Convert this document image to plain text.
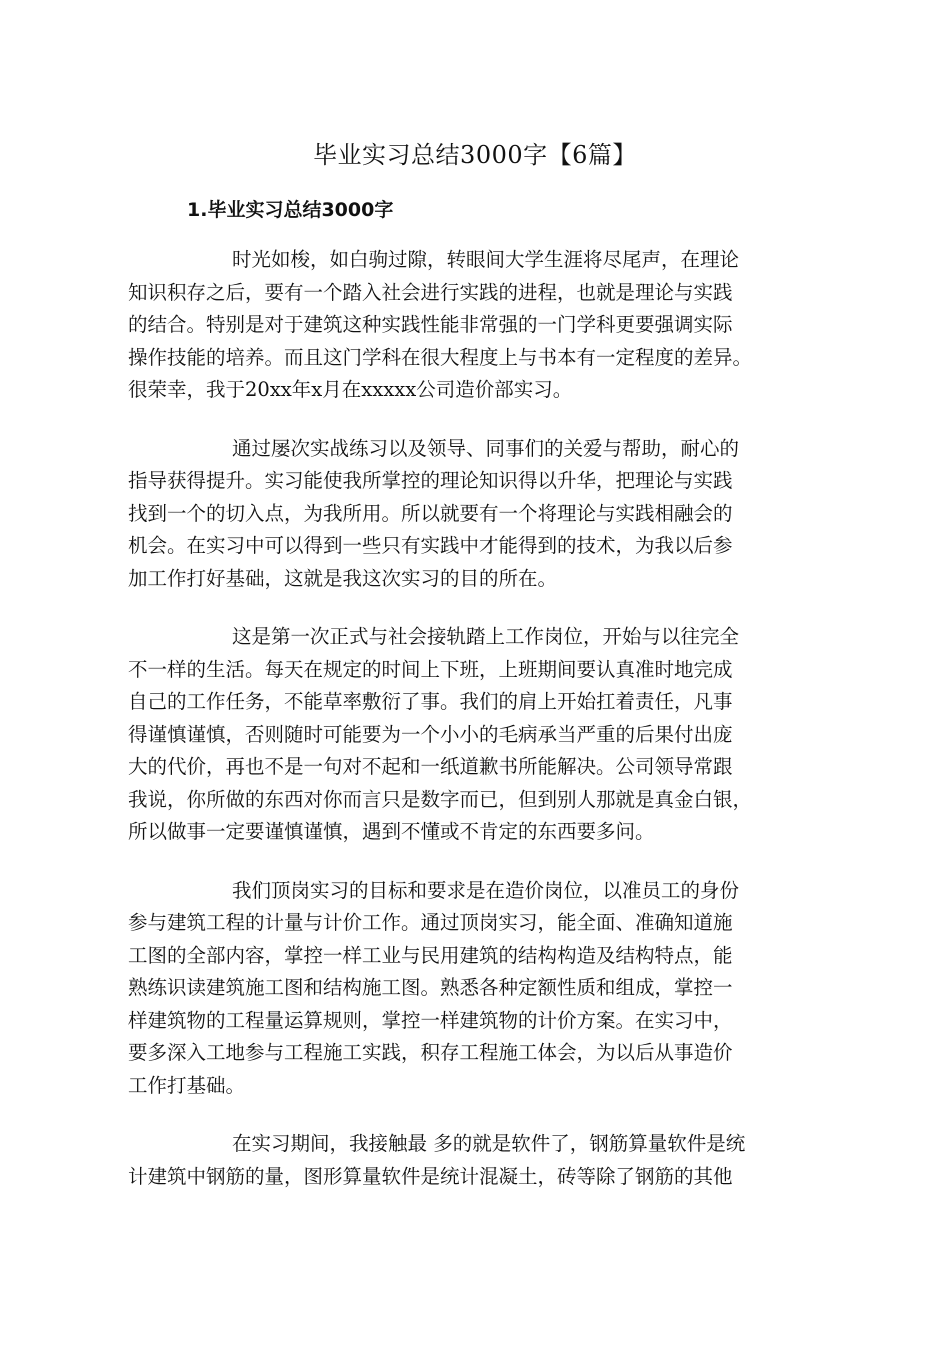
毕业实习总结3000字【6篇】
1.毕业实习总结3000字

时光如梭，如白驹过隙，转眼间大学生涯将尽尾声，在理论
知识积存之后，要有一个踏入社会进行实践的进程，也就是理论与实践
的结合。特别是对于建筑这种实践性能非常强的一门学科更要强调实际
操作技能的培养。而且这门学科在很大程度上与书本有一定程度的差异。
很荣幸，我于20xx年x月在xxxxx公司造价部实习。

通过屡次实战练习以及领导、同事们的关爱与帮助，耐心的
指导获得提升。实习能使我所掌控的理论知识得以升华，把理论与实践
找到一个的切入点，为我所用。所以就要有一个将理论与实践相融会的
机会。在实习中可以得到一些只有实践中才能得到的技术，为我以后参
加工作打好基础，这就是我这次实习的目的所在。

这是第一次正式与社会接轨踏上工作岗位，开始与以往完全
不一样的生活。每天在规定的时间上下班，上班期间要认真准时地完成
自己的工作任务，不能草率敷衍了事。我们的肩上开始扛着责任，凡事
得谨慎谨慎，否则随时可能要为一个小小的毛病承当严重的后果付出庞
大的代价，再也不是一句对不起和一纸道歉书所能解决。公司领导常跟
我说，你所做的东西对你而言只是数字而已，但到别人那就是真金白银，
所以做事一定要谨慎谨慎，遇到不懂或不肯定的东西要多问。

我们顶岗实习的目标和要求是在造价岗位，以准员工的身份
参与建筑工程的计量与计价工作。通过顶岗实习，能全面、准确知道施
工图的全部内容，掌控一样工业与民用建筑的结构构造及结构特点，能
熟练识读建筑施工图和结构施工图。熟悉各种定额性质和组成，掌控一
样建筑物的工程量运算规则，掌控一样建筑物的计价方案。在实习中，
要多深入工地参与工程施工实践，积存工程施工体会，为以后从事造价
工作打基础。

在实习期间，我接触最 多的就是软件了，钢筋算量软件是统
计建筑中钢筋的量，图形算量软件是统计混凝土，砖等除了钢筋的其他
